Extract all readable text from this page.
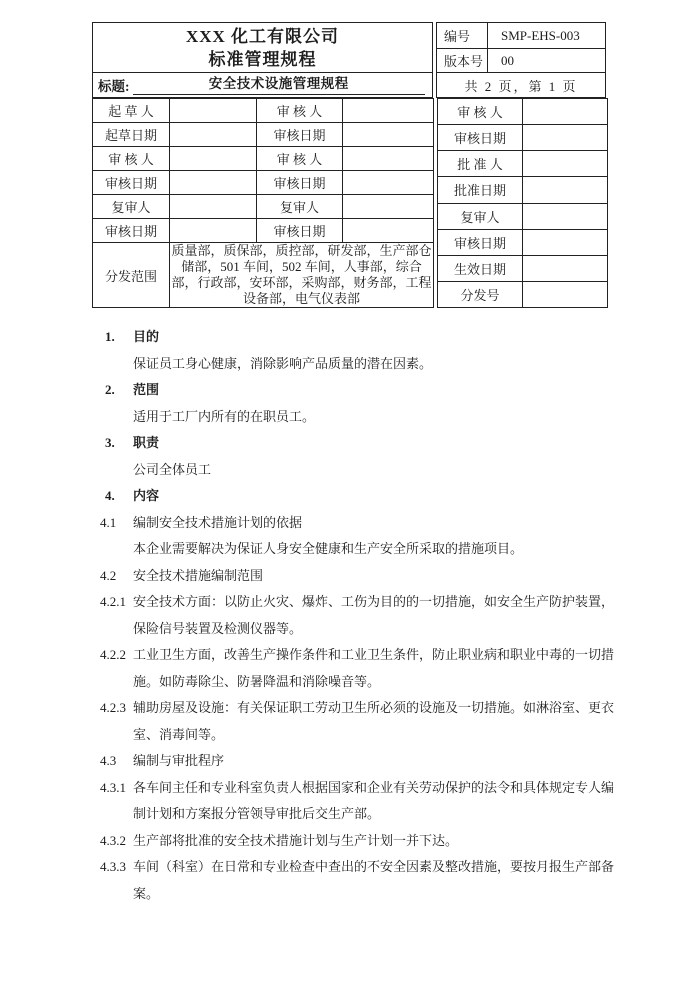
XXX 化工有限公司
标准管理规程
标题:	安全技术设施管理规程
编号	SMP-EHS-003
版本号	00
共 2 页，第 1 页
起 草 人		审 核 人	
起草日期		审核日期	
审 核 人		审 核 人	
审核日期		审核日期	
复审人		复审人	
审核日期		审核日期	
分发范围	质量部，质保部，质控部，研发部，生产部仓储部，501 车间，502 车间，人事部，综合部，行政部，安环部，采购部，财务部，工程设备部，电气仪表部		
审 核 人	
审核日期	
批 准 人	
批准日期	
复审人	
审核日期	
生效日期	
分发号	
1. 目的
保证员工身心健康，消除影响产品质量的潜在因素。
2. 范围
适用于工厂内所有的在职员工。
3. 职责
公司全体员工
4. 内容
4.1 编制安全技术措施计划的依据
本企业需要解决为保证人身安全健康和生产安全所采取的措施项目。
4.2 安全技术措施编制范围
4.2.1 安全技术方面：以防止火灾、爆炸、工伤为目的的一切措施，如安全生产防护装置，保险信号装置及检测仪器等。
4.2.2 工业卫生方面，改善生产操作条件和工业卫生条件，防止职业病和职业中毒的一切措施。如防毒除尘、防暑降温和消除噪音等。
4.2.3 辅助房屋及设施：有关保证职工劳动卫生所必须的设施及一切措施。如淋浴室、更衣室、消毒间等。
4.3 编制与审批程序
4.3.1 各车间主任和专业科室负责人根据国家和企业有关劳动保护的法令和具体规定专人编制计划和方案报分管领导审批后交生产部。
4.3.2 生产部将批准的安全技术措施计划与生产计划一并下达。
4.3.3 车间（科室）在日常和专业检查中查出的不安全因素及整改措施，要按月报生产部备案。
